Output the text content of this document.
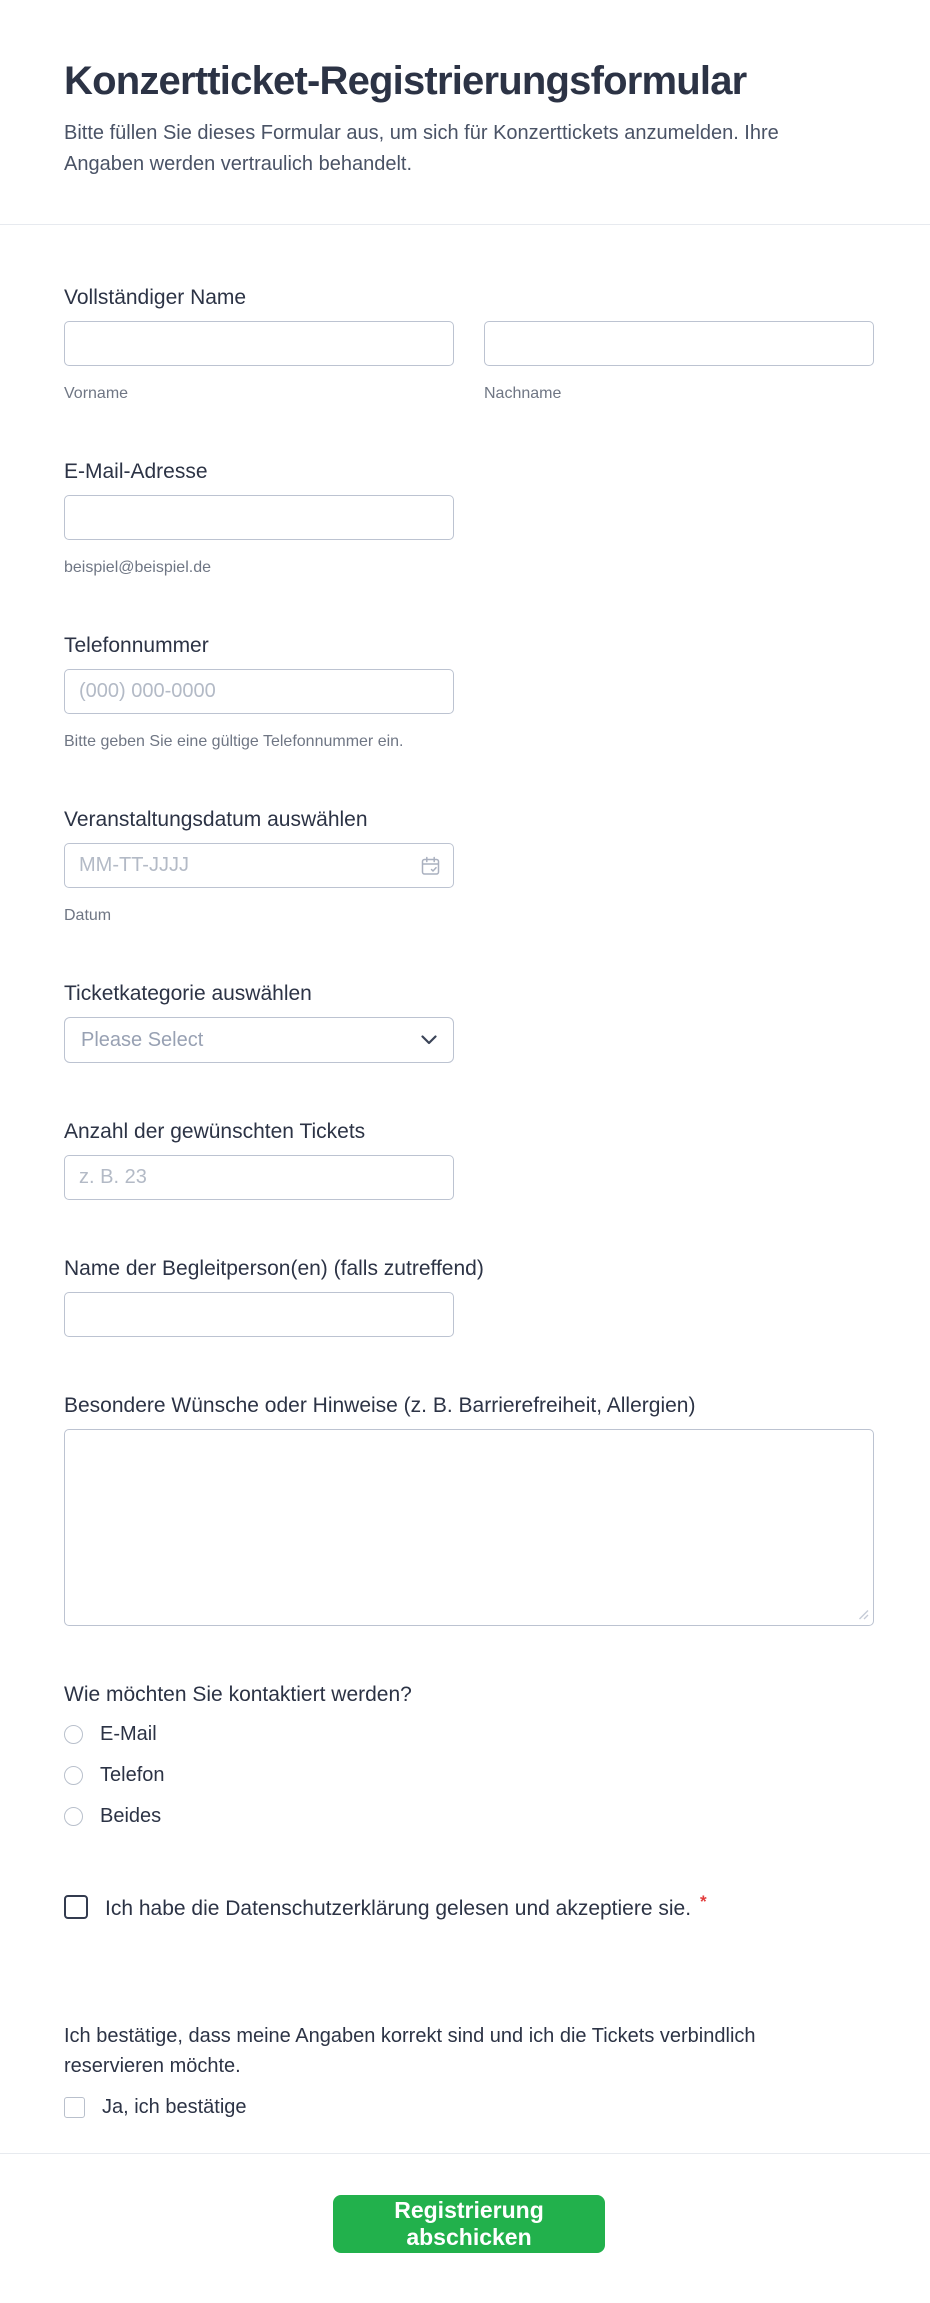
Konzertticket-Registrierungsformular

Bitte füllen Sie dieses Formular aus, um sich für Konzerttickets anzumelden. Ihre Angaben werden vertraulich behandelt.

Vollständiger Name
Vorname	Nachname
E-Mail-Adresse
beispiel@beispiel.de
Telefonnummer
(000) 000-0000
Bitte geben Sie eine gültige Telefonnummer ein.
Veranstaltungsdatum auswählen
MM-TT-JJJJ
Datum
Ticketkategorie auswählen
Please Select
Anzahl der gewünschten Tickets
z. B. 23
Name der Begleitperson(en) (falls zutreffend)
Besondere Wünsche oder Hinweise (z. B. Barrierefreiheit, Allergien)
Wie möchten Sie kontaktiert werden?
E-Mail
Telefon
Beides
Ich habe die Datenschutzerklärung gelesen und akzeptiere sie. *

Ich bestätige, dass meine Angaben korrekt sind und ich die Tickets verbindlich reservieren möchte.

Ja, ich bestätige
Registrierung abschicken
